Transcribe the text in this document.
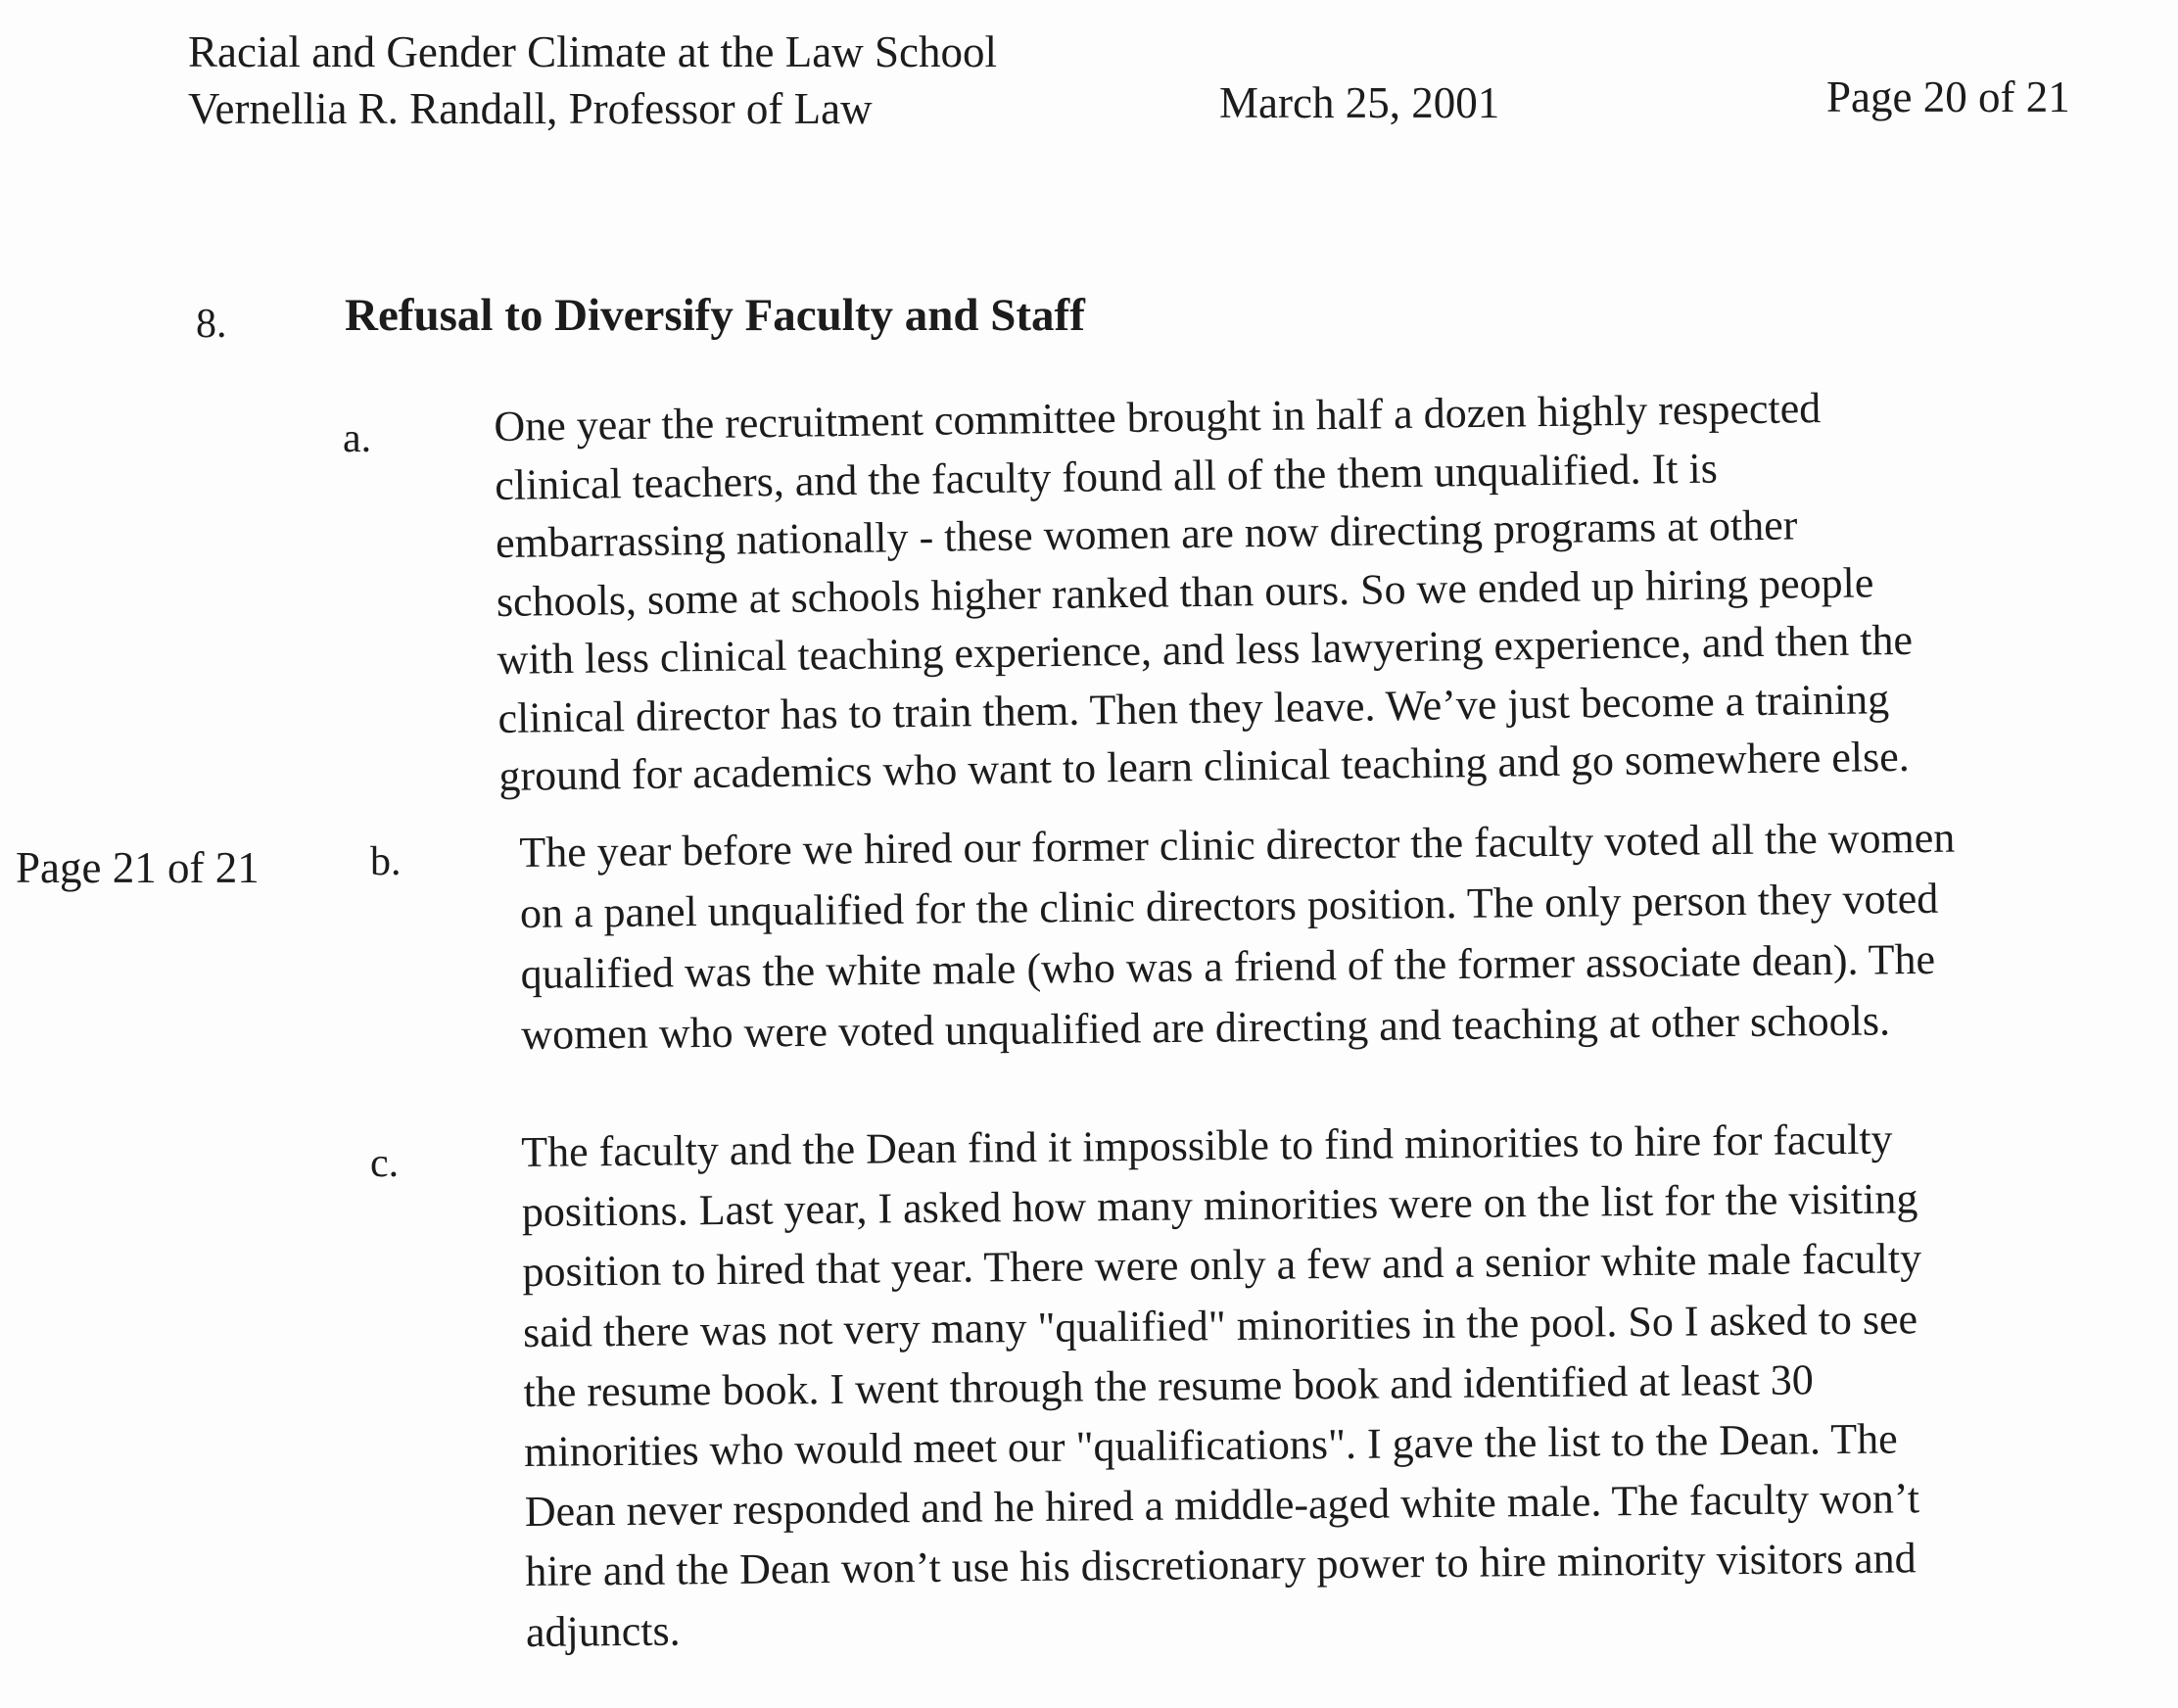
Racial and Gender Climate at the Law School
Vernellia R. Randall, Professor of Law	March 25, 2001	Page 20 of 21
8.	Refusal to Diversify Faculty and Staff
Page 21 of 21
a.	One year the recruitment committee brought in half a dozen highly respected
clinical teachers, and the faculty found all of the them unqualified. It is
embarrassing nationally - these women are now directing programs at other
schools, some at schools higher ranked than ours. So we ended up hiring people
with less clinical teaching experience, and less lawyering experience, and then the
clinical director has to train them. Then they leave. We’ve just become a training
ground for academics who want to learn clinical teaching and go somewhere else.
b.	The year before we hired our former clinic director the faculty voted all the women
on a panel unqualified for the clinic directors position. The only person they voted
qualified was the white male (who was a friend of the former associate dean). The
women who were voted unqualified are directing and teaching at other schools.
c.	The faculty and the Dean find it impossible to find minorities to hire for faculty
positions. Last year, I asked how many minorities were on the list for the visiting
position to hired that year. There were only a few and a senior white male faculty
said there was not very many "qualified" minorities in the pool. So I asked to see
the resume book. I went through the resume book and identified at least 30
minorities who would meet our "qualifications". I gave the list to the Dean. The
Dean never responded and he hired a middle-aged white male. The faculty won’t
hire and the Dean won’t use his discretionary power to hire minority visitors and
adjuncts.
